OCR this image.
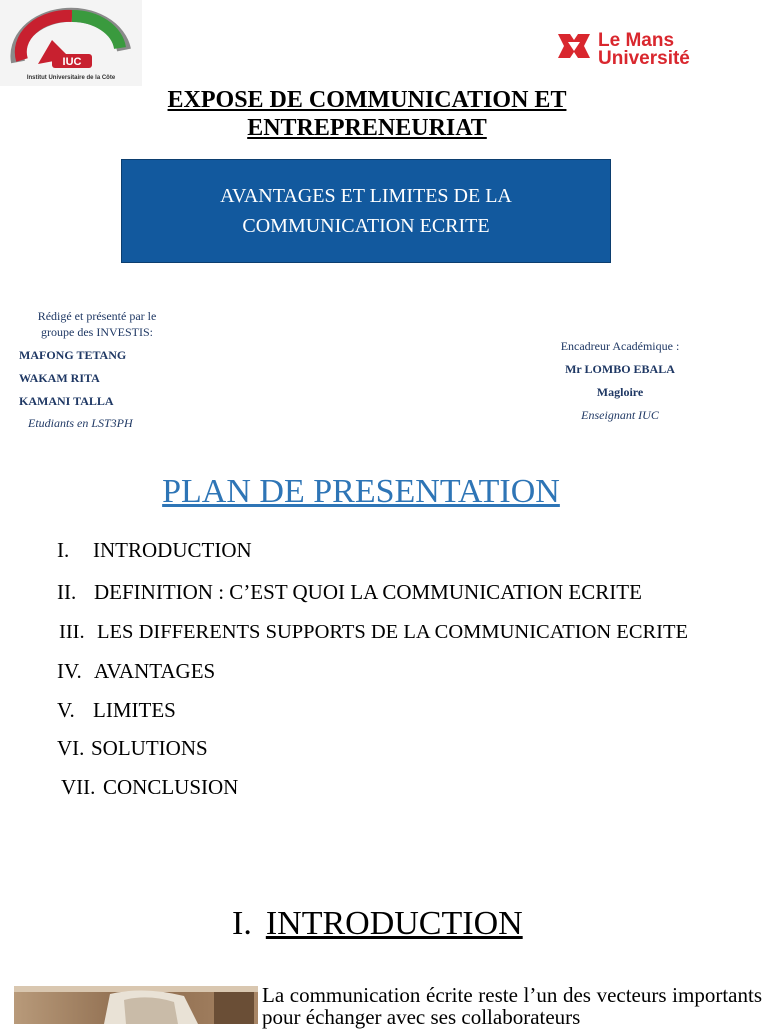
IUC
Institut Universitaire de la Côte
Le Mans
Université
EXPOSE DE COMMUNICATION ET
ENTREPRENEURIAT
AVANTAGES ET LIMITES DE LA
COMMUNICATION ECRITE
Rédigé et présenté par le
groupe des INVESTIS:
MAFONG TETANG
WAKAM RITA
KAMANI TALLA
Etudiants en LST3PH
Encadreur Académique :
Mr LOMBO EBALA
Magloire
Enseignant IUC
PLAN DE PRESENTATION
I. INTRODUCTION
II. DEFINITION : C’EST QUOI LA COMMUNICATION ECRITE
III. LES DIFFERENTS SUPPORTS DE LA COMMUNICATION ECRITE
IV. AVANTAGES
V. LIMITES
VI. SOLUTIONS
VII. CONCLUSION
I. INTRODUCTION
La communication écrite reste l’un des vecteurs importants pour échanger avec ses collaborateurs
